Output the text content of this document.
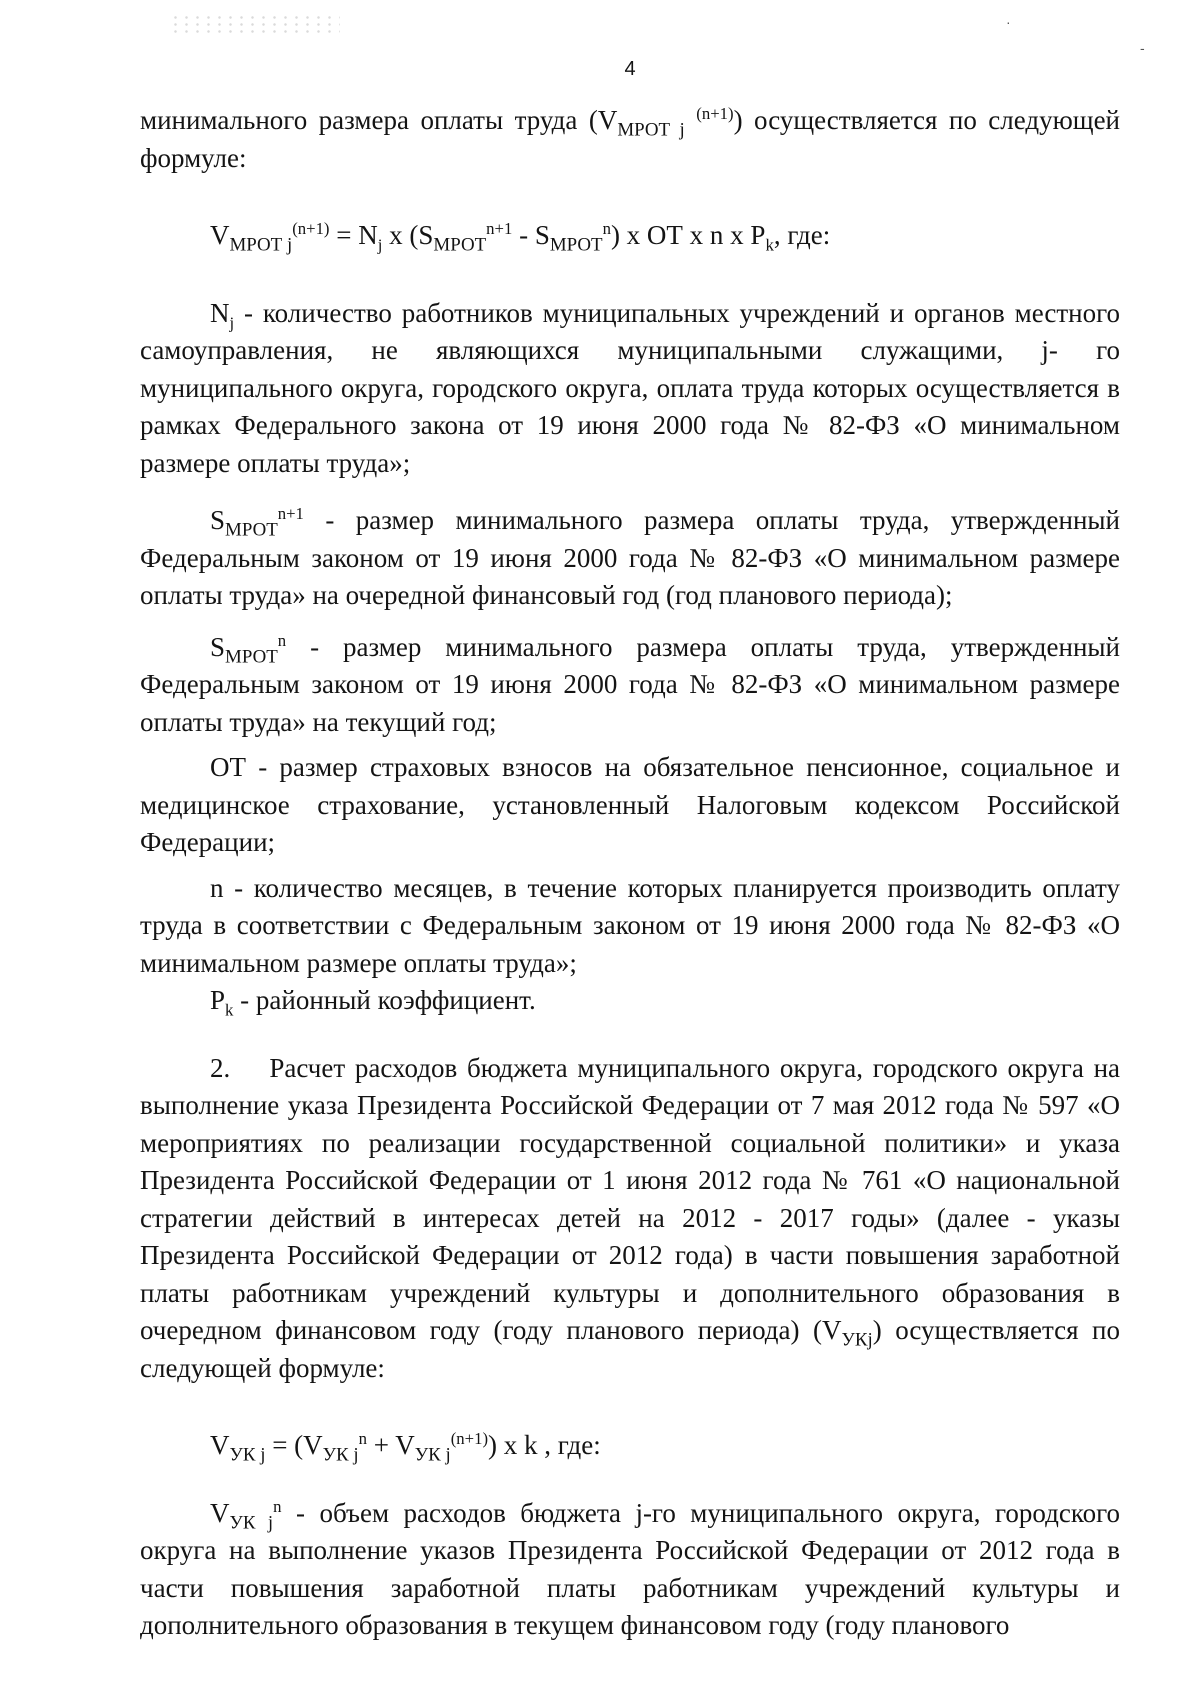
·
-
4

минимального размера оплаты труда ($V_{МРОТ j}$ $^{(n+1)}$) осуществляется по следующей формуле:

$V_{МРОТ j}^{(n+1)} = N_j$ x $(S_{МРОТ}^{n+1} - S_{МРОТ}^n)$ x ОТ x n x $P_k$, где:

$N_j$ - количество работников муниципальных учреждений и органов местного самоуправления, не являющихся муниципальными служащими, j- го муниципального округа, городского округа, оплата труда которых осуществляется в рамках Федерального закона от 19 июня 2000 года № 82-ФЗ «О минимальном размере оплаты труда»;

$S_{МРОТ}^{n+1}$ - размер минимального размера оплаты труда, утвержденный Федеральным законом от 19 июня 2000 года № 82-ФЗ «О минимальном размере оплаты труда» на очередной финансовый год (год планового периода);

$S_{МРОТ}^n$ - размер минимального размера оплаты труда, утвержденный Федеральным законом от 19 июня 2000 года № 82-ФЗ «О минимальном размере оплаты труда» на текущий год;

ОТ - размер страховых взносов на обязательное пенсионное, социальное и медицинское страхование, установленный Налоговым кодексом Российской Федерации;

n - количество месяцев, в течение которых планируется производить оплату труда в соответствии с Федеральным законом от 19 июня 2000 года № 82-ФЗ «О минимальном размере оплаты труда»;

$P_k$ - районный коэффициент.

2. Расчет расходов бюджета муниципального округа, городского округа на выполнение указа Президента Российской Федерации от 7 мая 2012 года № 597 «О мероприятиях по реализации государственной социальной политики» и указа Президента Российской Федерации от 1 июня 2012 года № 761 «О национальной стратегии действий в интересах детей на 2012 - 2017 годы» (далее - указы Президента Российской Федерации от 2012 года) в части повышения заработной платы работникам учреждений культуры и дополнительного образования в очередном финансовом году (году планового периода) $(V_{УКj})$ осуществляется по следующей формуле:

$V_{УК j} = (V_{УК j}^n + V_{УК j}^{(n+1)})$ x k , где:

$V_{УК j}^n$ - объем расходов бюджета j-го муниципального округа, городского округа на выполнение указов Президента Российской Федерации от 2012 года в части повышения заработной платы работникам учреждений культуры и дополнительного образования в текущем финансовом году (году планового
